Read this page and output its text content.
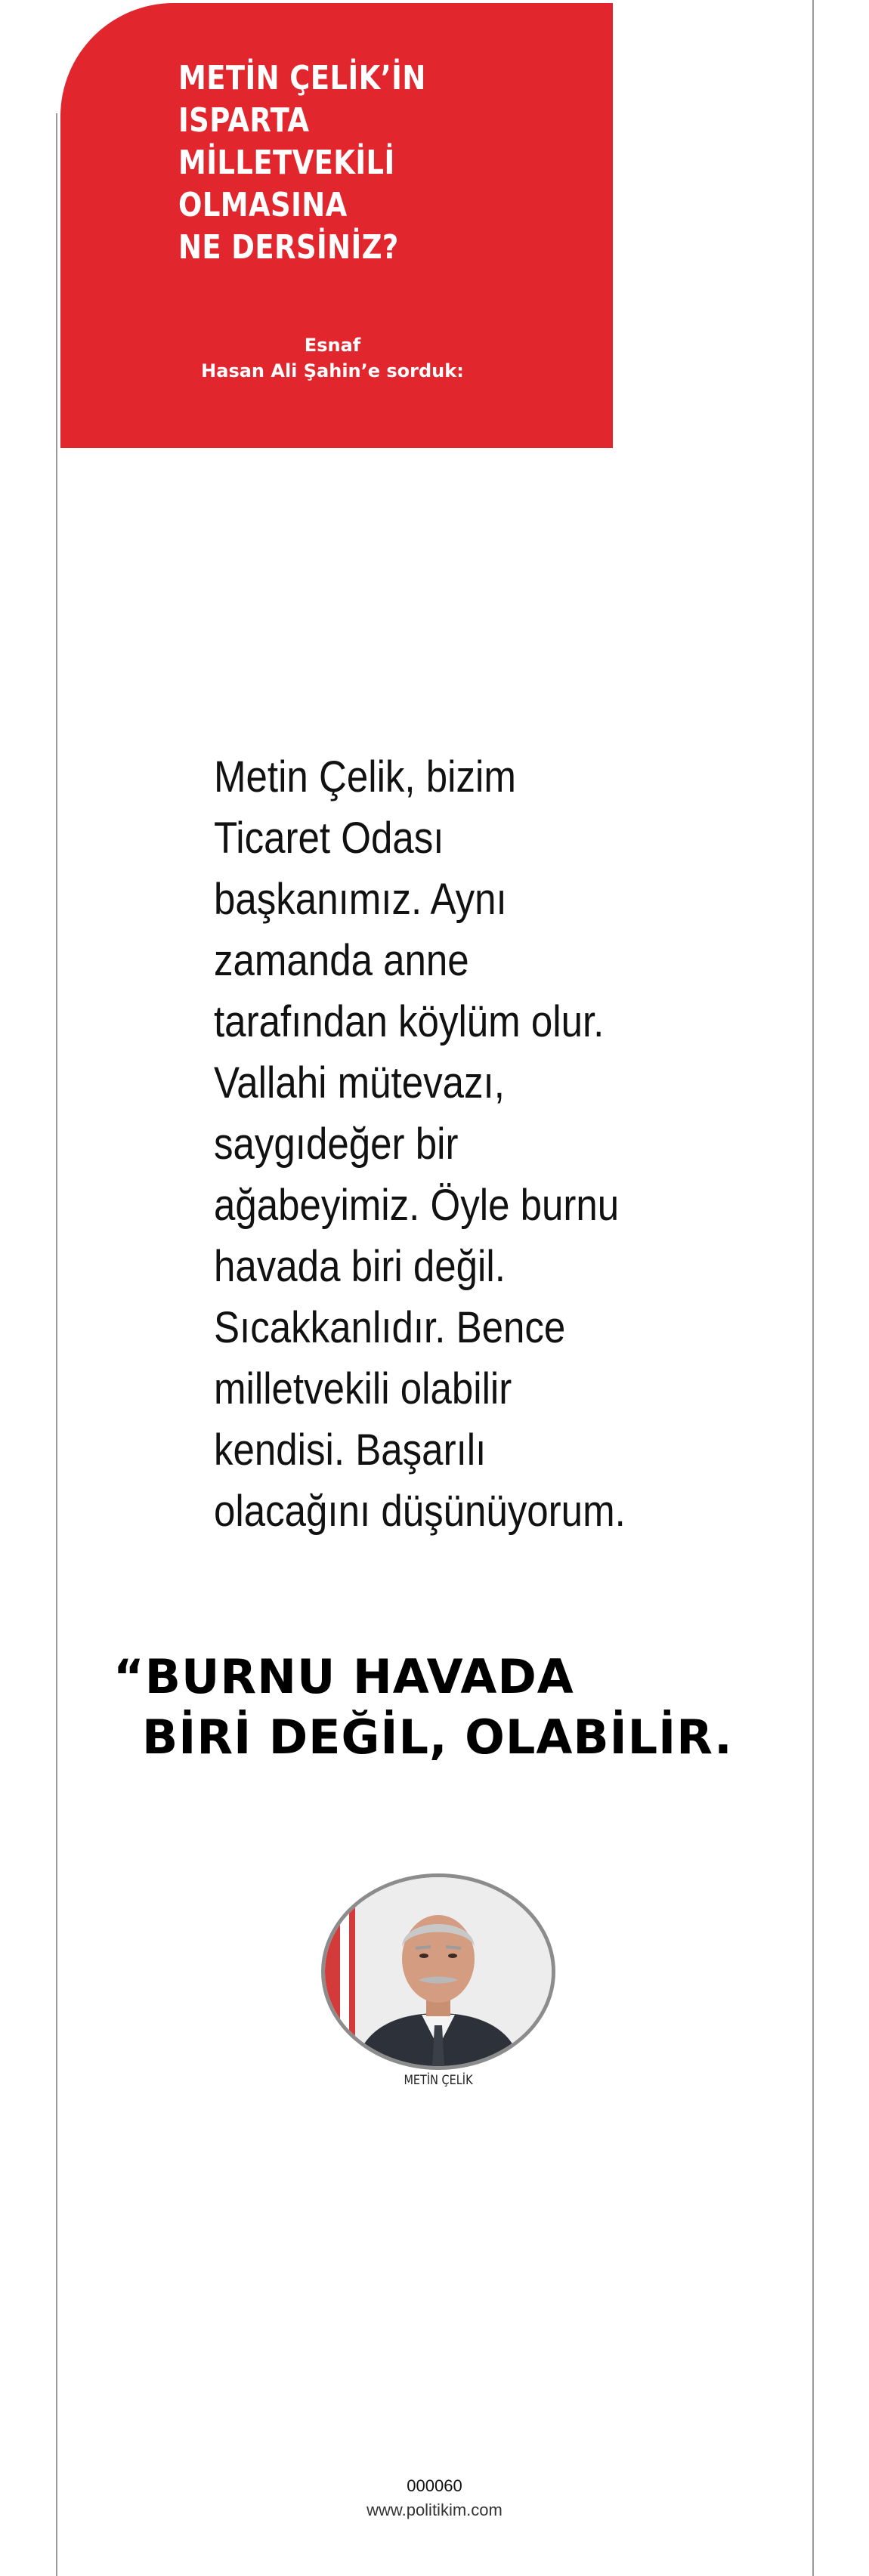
METİN ÇELİK’İN
ISPARTA MİLLETVEKİLİ
OLMASINA
NE DERSİNİZ?
Esnaf
Hasan Ali Şahin’e sorduk:
Metin Çelik, bizim
Ticaret Odası
başkanımız. Aynı
zamanda anne
tarafından köylüm olur.
Vallahi mütevazı,
saygıdeğer bir
ağabeyimiz. Öyle burnu
havada biri değil.
Sıcakkanlıdır. Bence
milletvekili olabilir
kendisi. Başarılı
olacağını düşünüyorum.
“BURNU HAVADA
BİRİ DEĞİL, OLABİLİR.
METİN ÇELİK
000060
www.politikim.com
